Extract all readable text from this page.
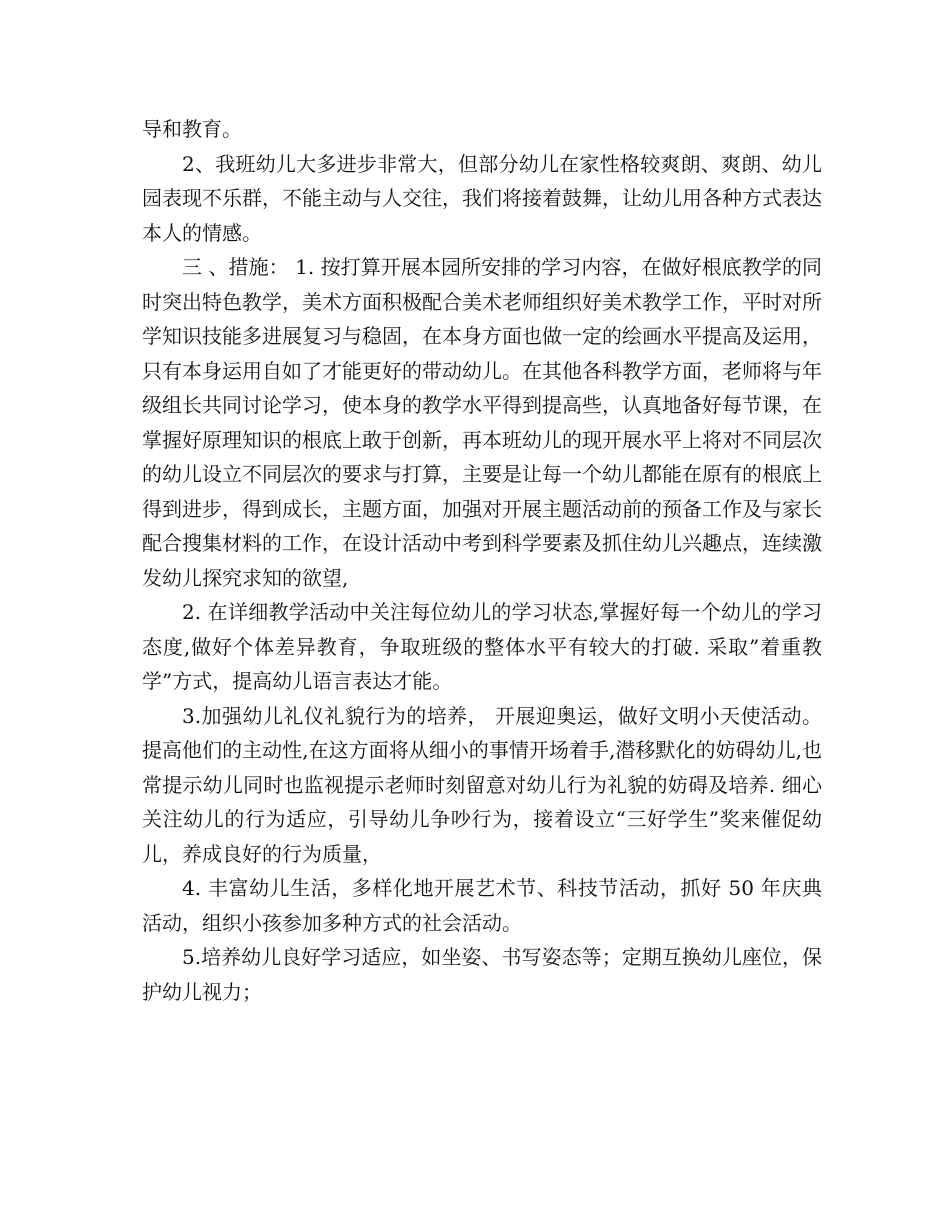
导和教育。

2、我班幼儿大多进步非常大，但部分幼儿在家性格较爽朗、爽朗、幼儿园表现不乐群，不能主动与人交往，我们将接着鼓舞，让幼儿用各种方式表达本人的情感。

三 、措施： 1. 按打算开展本园所安排的学习内容，在做好根底教学的同时突出特色教学，美术方面积极配合美术老师组织好美术教学工作，平时对所学知识技能多进展复习与稳固，在本身方面也做一定的绘画水平提高及运用，只有本身运用自如了才能更好的带动幼儿。在其他各科教学方面，老师将与年级组长共同讨论学习，使本身的教学水平得到提高些，认真地备好每节课，在掌握好原理知识的根底上敢于创新，再本班幼儿的现开展水平上将对不同层次的幼儿设立不同层次的要求与打算，主要是让每一个幼儿都能在原有的根底上得到进步，得到成长，主题方面，加强对开展主题活动前的预备工作及与家长配合搜集材料的工作，在设计活动中考到科学要素及抓住幼儿兴趣点，连续激发幼儿探究求知的欲望,

2. 在详细教学活动中关注每位幼儿的学习状态,掌握好每一个幼儿的学习态度,做好个体差异教育，争取班级的整体水平有较大的打破. 采取”着重教学”方式，提高幼儿语言表达才能。

3.加强幼儿礼仪礼貌行为的培养， 开展迎奥运，做好文明小天使活动。提高他们的主动性,在这方面将从细小的事情开场着手,潜移默化的妨碍幼儿,也常提示幼儿同时也监视提示老师时刻留意对幼儿行为礼貌的妨碍及培养. 细心关注幼儿的行为适应，引导幼儿争吵行为，接着设立“三好学生”奖来催促幼儿，养成良好的行为质量，

4. 丰富幼儿生活，多样化地开展艺术节、科技节活动，抓好 50 年庆典活动，组织小孩参加多种方式的社会活动。

5.培养幼儿良好学习适应，如坐姿、书写姿态等；定期互换幼儿座位，保护幼儿视力；
